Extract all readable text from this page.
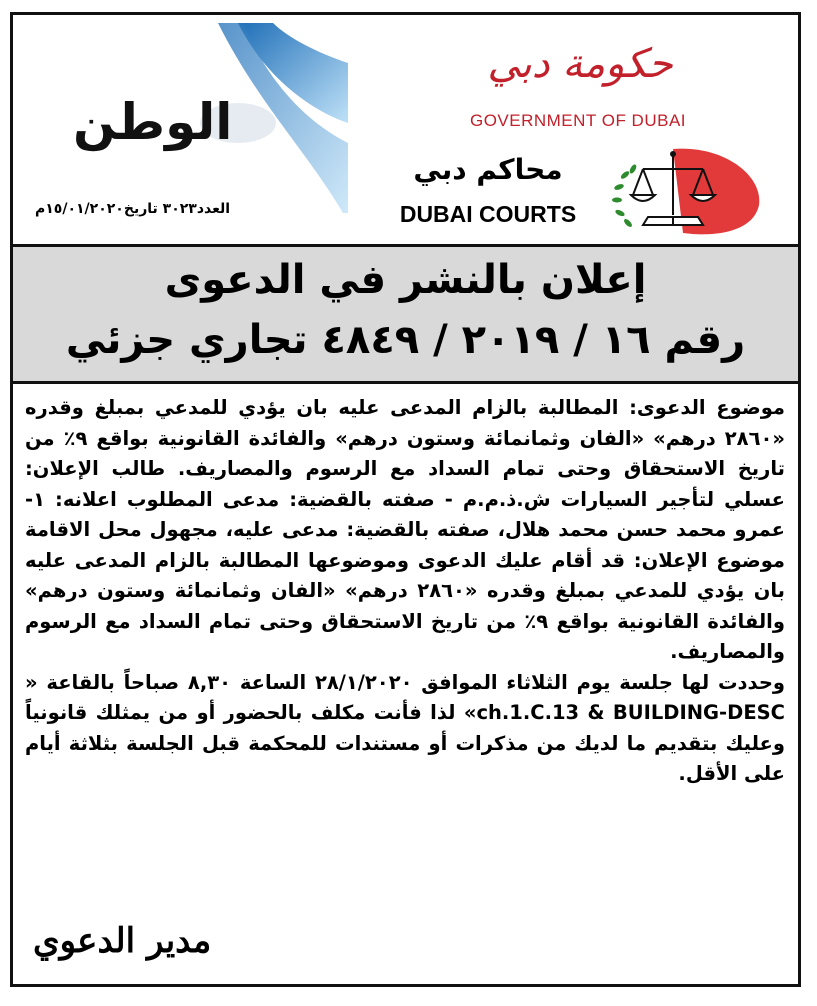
الوطن
العدد٣٠٢٣ تاريخ١٥/٠١/٢٠٢٠م
حكومة دبي
GOVERNMENT OF DUBAI
محاكم دبي
DUBAI COURTS
إعلان بالنشر في الدعوى
رقم ١٦ / ٢٠١٩ / ٤٨٤٩ تجاري جزئي

موضوع الدعوى: المطالبة بالزام المدعى عليه بان يؤدي للمدعي بمبلغ وقدره «٢٨٦٠ درهم» «الفان وثمانمائة وستون درهم» والفائدة القانونية بواقع ٩٪ من تاريخ الاستحقاق وحتى تمام السداد مع الرسوم والمصاريف. طالب الإعلان: عسلي لتأجير السيارات ش.ذ.م.م - صفته بالقضية: مدعى المطلوب اعلانه: ١- عمرو محمد حسن محمد هلال، صفته بالقضية: مدعى عليه، مجهول محل الاقامة موضوع الإعلان: قد أقام عليك الدعوى وموضوعها المطالبة بالزام المدعى عليه بان يؤدي للمدعي بمبلغ وقدره «٢٨٦٠ درهم» «الفان وثمانمائة وستون درهم» والفائدة القانونية بواقع ٩٪ من تاريخ الاستحقاق وحتى تمام السداد مع الرسوم والمصاريف.

وحددت لها جلسة يوم الثلاثاء الموافق ٢٨/١/٢٠٢٠ الساعة ٨,٣٠ صباحاً بالقاعة « ch.1.C.13 & BUILDING-DESC» لذا فأنت مكلف بالحضور أو من يمثلك قانونياً وعليك بتقديم ما لديك من مذكرات أو مستندات للمحكمة قبل الجلسة بثلاثة أيام على الأقل.

مدير الدعوي
